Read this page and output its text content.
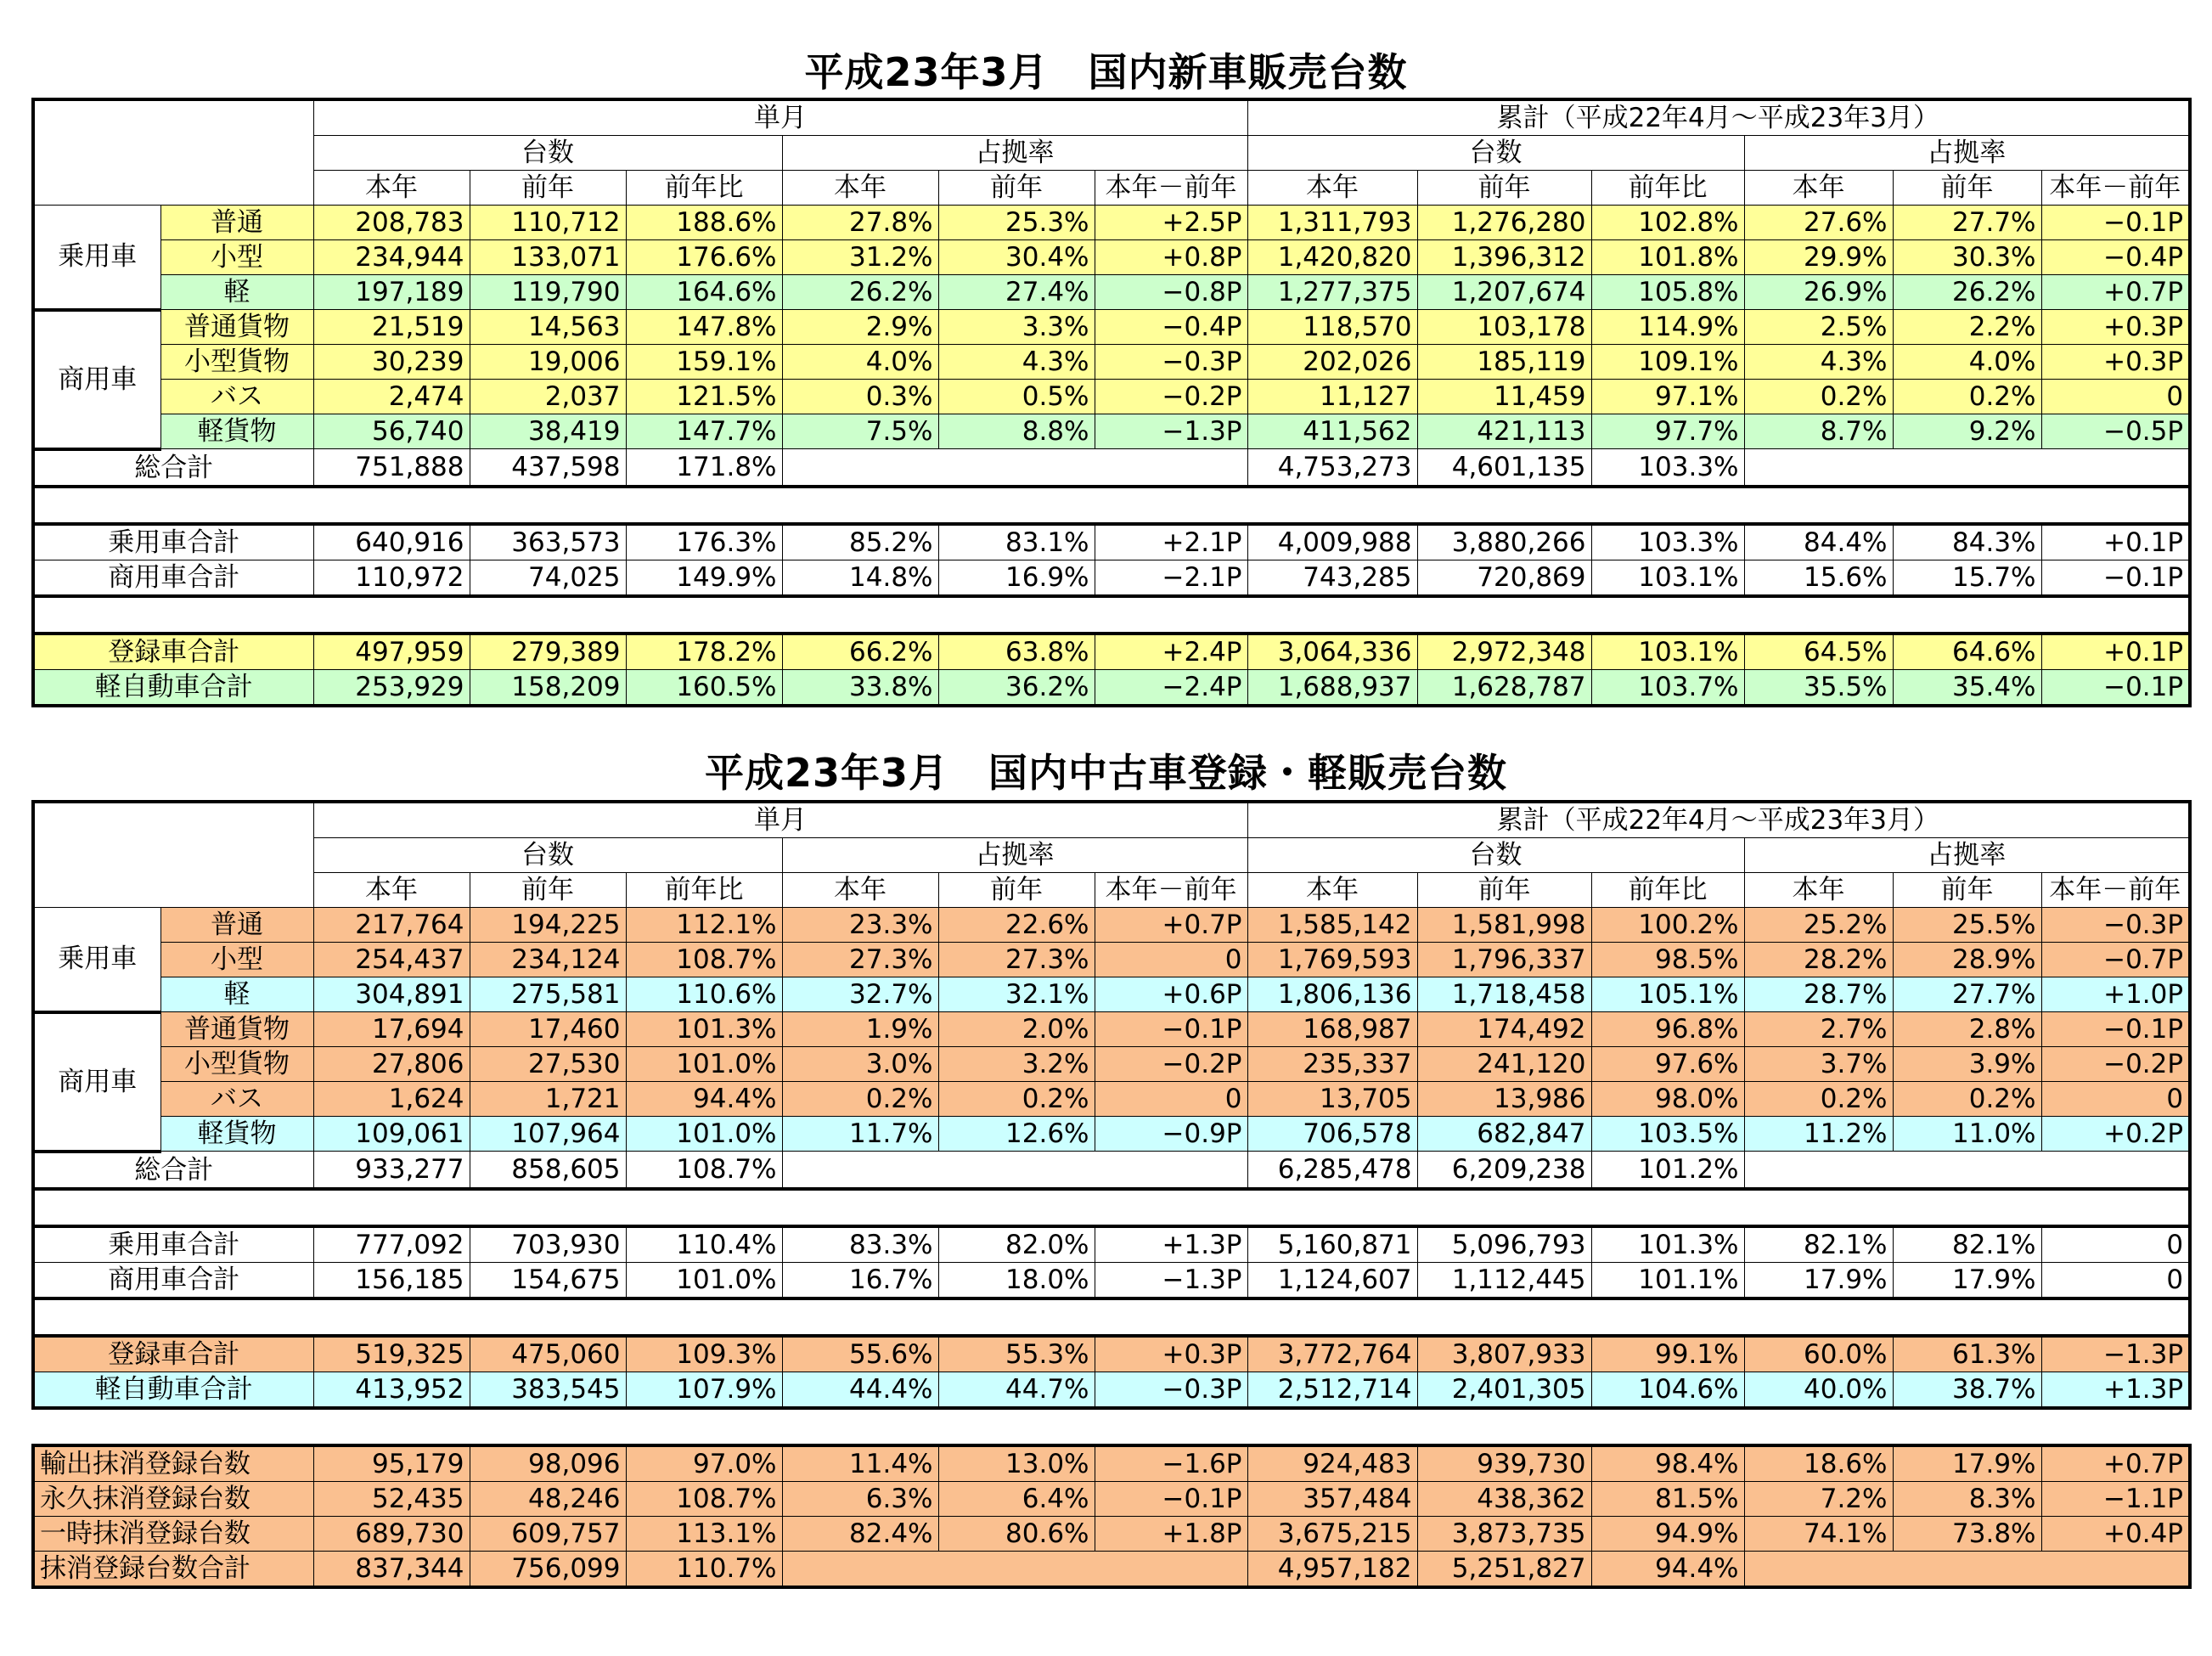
平成23年3月　国内新車販売台数
		単月						累計（平成22年4月～平成23年3月）					
		台数			占拠率			台数			占拠率		
		本年	前年	前年比	本年	前年	本年－前年	本年	前年	前年比	本年	前年	本年－前年
乗用車	普通	208,783	110,712	188.6%	27.8%	25.3%	+2.5P	1,311,793	1,276,280	102.8%	27.6%	27.7%	−0.1P
	小型	234,944	133,071	176.6%	31.2%	30.4%	+0.8P	1,420,820	1,396,312	101.8%	29.9%	30.3%	−0.4P
	軽	197,189	119,790	164.6%	26.2%	27.4%	−0.8P	1,277,375	1,207,674	105.8%	26.9%	26.2%	+0.7P
商用車	普通貨物	21,519	14,563	147.8%	2.9%	3.3%	−0.4P	118,570	103,178	114.9%	2.5%	2.2%	+0.3P
	小型貨物	30,239	19,006	159.1%	4.0%	4.3%	−0.3P	202,026	185,119	109.1%	4.3%	4.0%	+0.3P
	バス	2,474	2,037	121.5%	0.3%	0.5%	−0.2P	11,127	11,459	97.1%	0.2%	0.2%	0
	軽貨物	56,740	38,419	147.7%	7.5%	8.8%	−1.3P	411,562	421,113	97.7%	8.7%	9.2%	−0.5P
総合計		751,888	437,598	171.8%				4,753,273	4,601,135	103.3%			

乗用車合計		640,916	363,573	176.3%	85.2%	83.1%	+2.1P	4,009,988	3,880,266	103.3%	84.4%	84.3%	+0.1P
商用車合計		110,972	74,025	149.9%	14.8%	16.9%	−2.1P	743,285	720,869	103.1%	15.6%	15.7%	−0.1P

登録車合計		497,959	279,389	178.2%	66.2%	63.8%	+2.4P	3,064,336	2,972,348	103.1%	64.5%	64.6%	+0.1P
軽自動車合計		253,929	158,209	160.5%	33.8%	36.2%	−2.4P	1,688,937	1,628,787	103.7%	35.5%	35.4%	−0.1P
平成23年3月　国内中古車登録・軽販売台数
		単月						累計（平成22年4月～平成23年3月）					
		台数			占拠率			台数			占拠率		
		本年	前年	前年比	本年	前年	本年－前年	本年	前年	前年比	本年	前年	本年－前年
乗用車	普通	217,764	194,225	112.1%	23.3%	22.6%	+0.7P	1,585,142	1,581,998	100.2%	25.2%	25.5%	−0.3P
	小型	254,437	234,124	108.7%	27.3%	27.3%	0	1,769,593	1,796,337	98.5%	28.2%	28.9%	−0.7P
	軽	304,891	275,581	110.6%	32.7%	32.1%	+0.6P	1,806,136	1,718,458	105.1%	28.7%	27.7%	+1.0P
商用車	普通貨物	17,694	17,460	101.3%	1.9%	2.0%	−0.1P	168,987	174,492	96.8%	2.7%	2.8%	−0.1P
	小型貨物	27,806	27,530	101.0%	3.0%	3.2%	−0.2P	235,337	241,120	97.6%	3.7%	3.9%	−0.2P
	バス	1,624	1,721	94.4%	0.2%	0.2%	0	13,705	13,986	98.0%	0.2%	0.2%	0
	軽貨物	109,061	107,964	101.0%	11.7%	12.6%	−0.9P	706,578	682,847	103.5%	11.2%	11.0%	+0.2P
総合計		933,277	858,605	108.7%				6,285,478	6,209,238	101.2%			

乗用車合計		777,092	703,930	110.4%	83.3%	82.0%	+1.3P	5,160,871	5,096,793	101.3%	82.1%	82.1%	0
商用車合計		156,185	154,675	101.0%	16.7%	18.0%	−1.3P	1,124,607	1,112,445	101.1%	17.9%	17.9%	0

登録車合計		519,325	475,060	109.3%	55.6%	55.3%	+0.3P	3,772,764	3,807,933	99.1%	60.0%	61.3%	−1.3P
軽自動車合計		413,952	383,545	107.9%	44.4%	44.7%	−0.3P	2,512,714	2,401,305	104.6%	40.0%	38.7%	+1.3P
輸出抹消登録台数	95,179	98,096	97.0%	11.4%	13.0%	−1.6P	924,483	939,730	98.4%	18.6%	17.9%	+0.7P
永久抹消登録台数	52,435	48,246	108.7%	6.3%	6.4%	−0.1P	357,484	438,362	81.5%	7.2%	8.3%	−1.1P
一時抹消登録台数	689,730	609,757	113.1%	82.4%	80.6%	+1.8P	3,675,215	3,873,735	94.9%	74.1%	73.8%	+0.4P
抹消登録台数合計	837,344	756,099	110.7%				4,957,182	5,251,827	94.4%			
